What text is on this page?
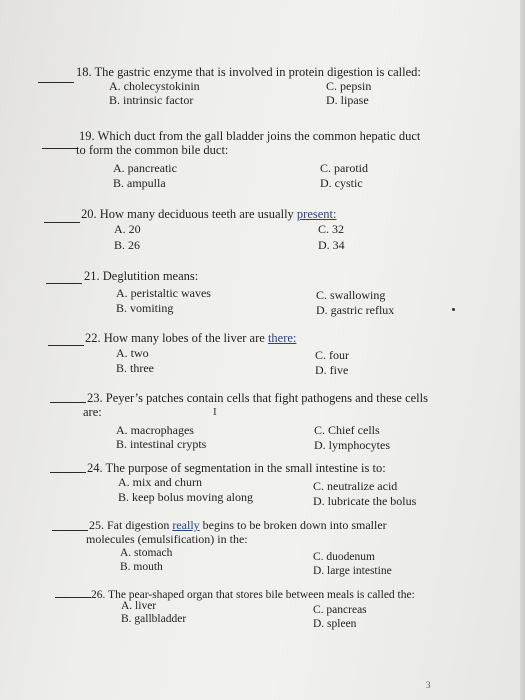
18. The gastric enzyme that is involved in protein digestion is called:
A. cholecystokinin	C. pepsin
B. intrinsic factor	D. lipase
19. Which duct from the gall bladder joins the common hepatic duct
to form the common bile duct:
A. pancreatic	C. parotid
B. ampulla	D. cystic
20. How many deciduous teeth are usually present:
A. 20	C. 32
B. 26	D. 34
21. Deglutition means:
A. peristaltic waves	C. swallowing
B. vomiting	D. gastric reflux
22. How many lobes of the liver are there:
A. two	C. four
B. three	D. five
23. Peyer’s patches contain cells that fight pathogens and these cells
are:	I
A. macrophages	C. Chief cells
B. intestinal crypts	D. lymphocytes
24. The purpose of segmentation in the small intestine is to:
A. mix and churn	C. neutralize acid
B. keep bolus moving along	D. lubricate the bolus
25. Fat digestion really begins to be broken down into smaller
molecules (emulsification) in the:
A. stomach	C. duodenum
B. mouth	D. large intestine
26. The pear-shaped organ that stores bile between meals is called the:
A. liver	C. pancreas
B. gallbladder	D. spleen
3
